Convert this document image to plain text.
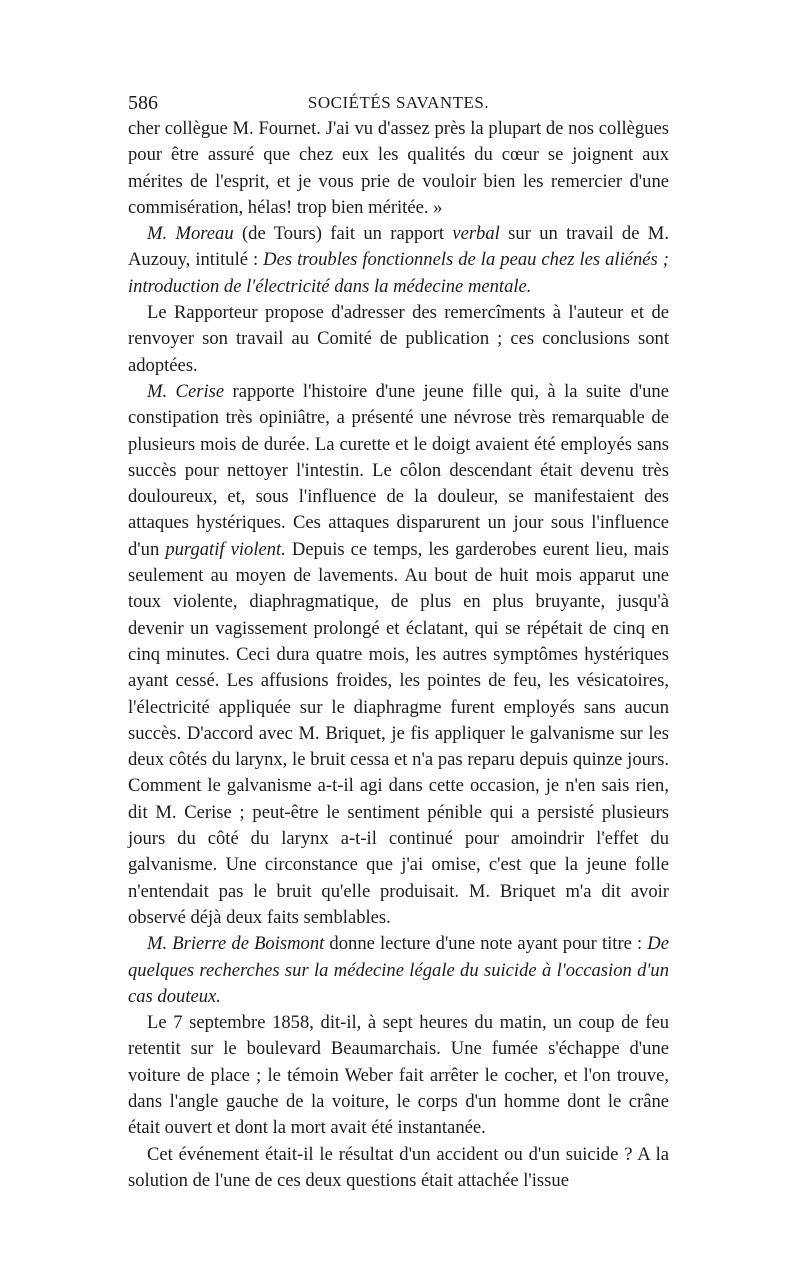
586	SOCIÉTÉS SAVANTES.

cher collègue M. Fournet. J'ai vu d'assez près la plupart de nos collègues pour être assuré que chez eux les qualités du cœur se joignent aux mérites de l'esprit, et je vous prie de vouloir bien les remercier d'une commisération, hélas! trop bien méritée. »

M. Moreau (de Tours) fait un rapport verbal sur un travail de M. Auzouy, intitulé : Des troubles fonctionnels de la peau chez les aliénés ; introduction de l'électricité dans la médecine mentale.

Le Rapporteur propose d'adresser des remercîments à l'auteur et de renvoyer son travail au Comité de publication ; ces conclusions sont adoptées.

M. Cerise rapporte l'histoire d'une jeune fille qui, à la suite d'une constipation très opiniâtre, a présenté une névrose très remarquable de plusieurs mois de durée. La curette et le doigt avaient été employés sans succès pour nettoyer l'intestin. Le côlon descendant était devenu très douloureux, et, sous l'influence de la douleur, se manifestaient des attaques hystériques. Ces attaques disparurent un jour sous l'influence d'un purgatif violent. Depuis ce temps, les garderobes eurent lieu, mais seulement au moyen de lavements. Au bout de huit mois apparut une toux violente, diaphragmatique, de plus en plus bruyante, jusqu'à devenir un vagissement prolongé et éclatant, qui se répétait de cinq en cinq minutes. Ceci dura quatre mois, les autres symptômes hystériques ayant cessé. Les affusions froides, les pointes de feu, les vésicatoires, l'électricité appliquée sur le diaphragme furent employés sans aucun succès. D'accord avec M. Briquet, je fis appliquer le galvanisme sur les deux côtés du larynx, le bruit cessa et n'a pas reparu depuis quinze jours. Comment le galvanisme a-t-il agi dans cette occasion, je n'en sais rien, dit M. Cerise ; peut-être le sentiment pénible qui a persisté plusieurs jours du côté du larynx a-t-il continué pour amoindrir l'effet du galvanisme. Une circonstance que j'ai omise, c'est que la jeune folle n'entendait pas le bruit qu'elle produisait. M. Briquet m'a dit avoir observé déjà deux faits semblables.

M. Brierre de Boismont donne lecture d'une note ayant pour titre : De quelques recherches sur la médecine légale du suicide à l'occasion d'un cas douteux.

Le 7 septembre 1858, dit-il, à sept heures du matin, un coup de feu retentit sur le boulevard Beaumarchais. Une fumée s'échappe d'une voiture de place ; le témoin Weber fait arrêter le cocher, et l'on trouve, dans l'angle gauche de la voiture, le corps d'un homme dont le crâne était ouvert et dont la mort avait été instantanée.

Cet événement était-il le résultat d'un accident ou d'un suicide ? A la solution de l'une de ces deux questions était attachée l'issue
